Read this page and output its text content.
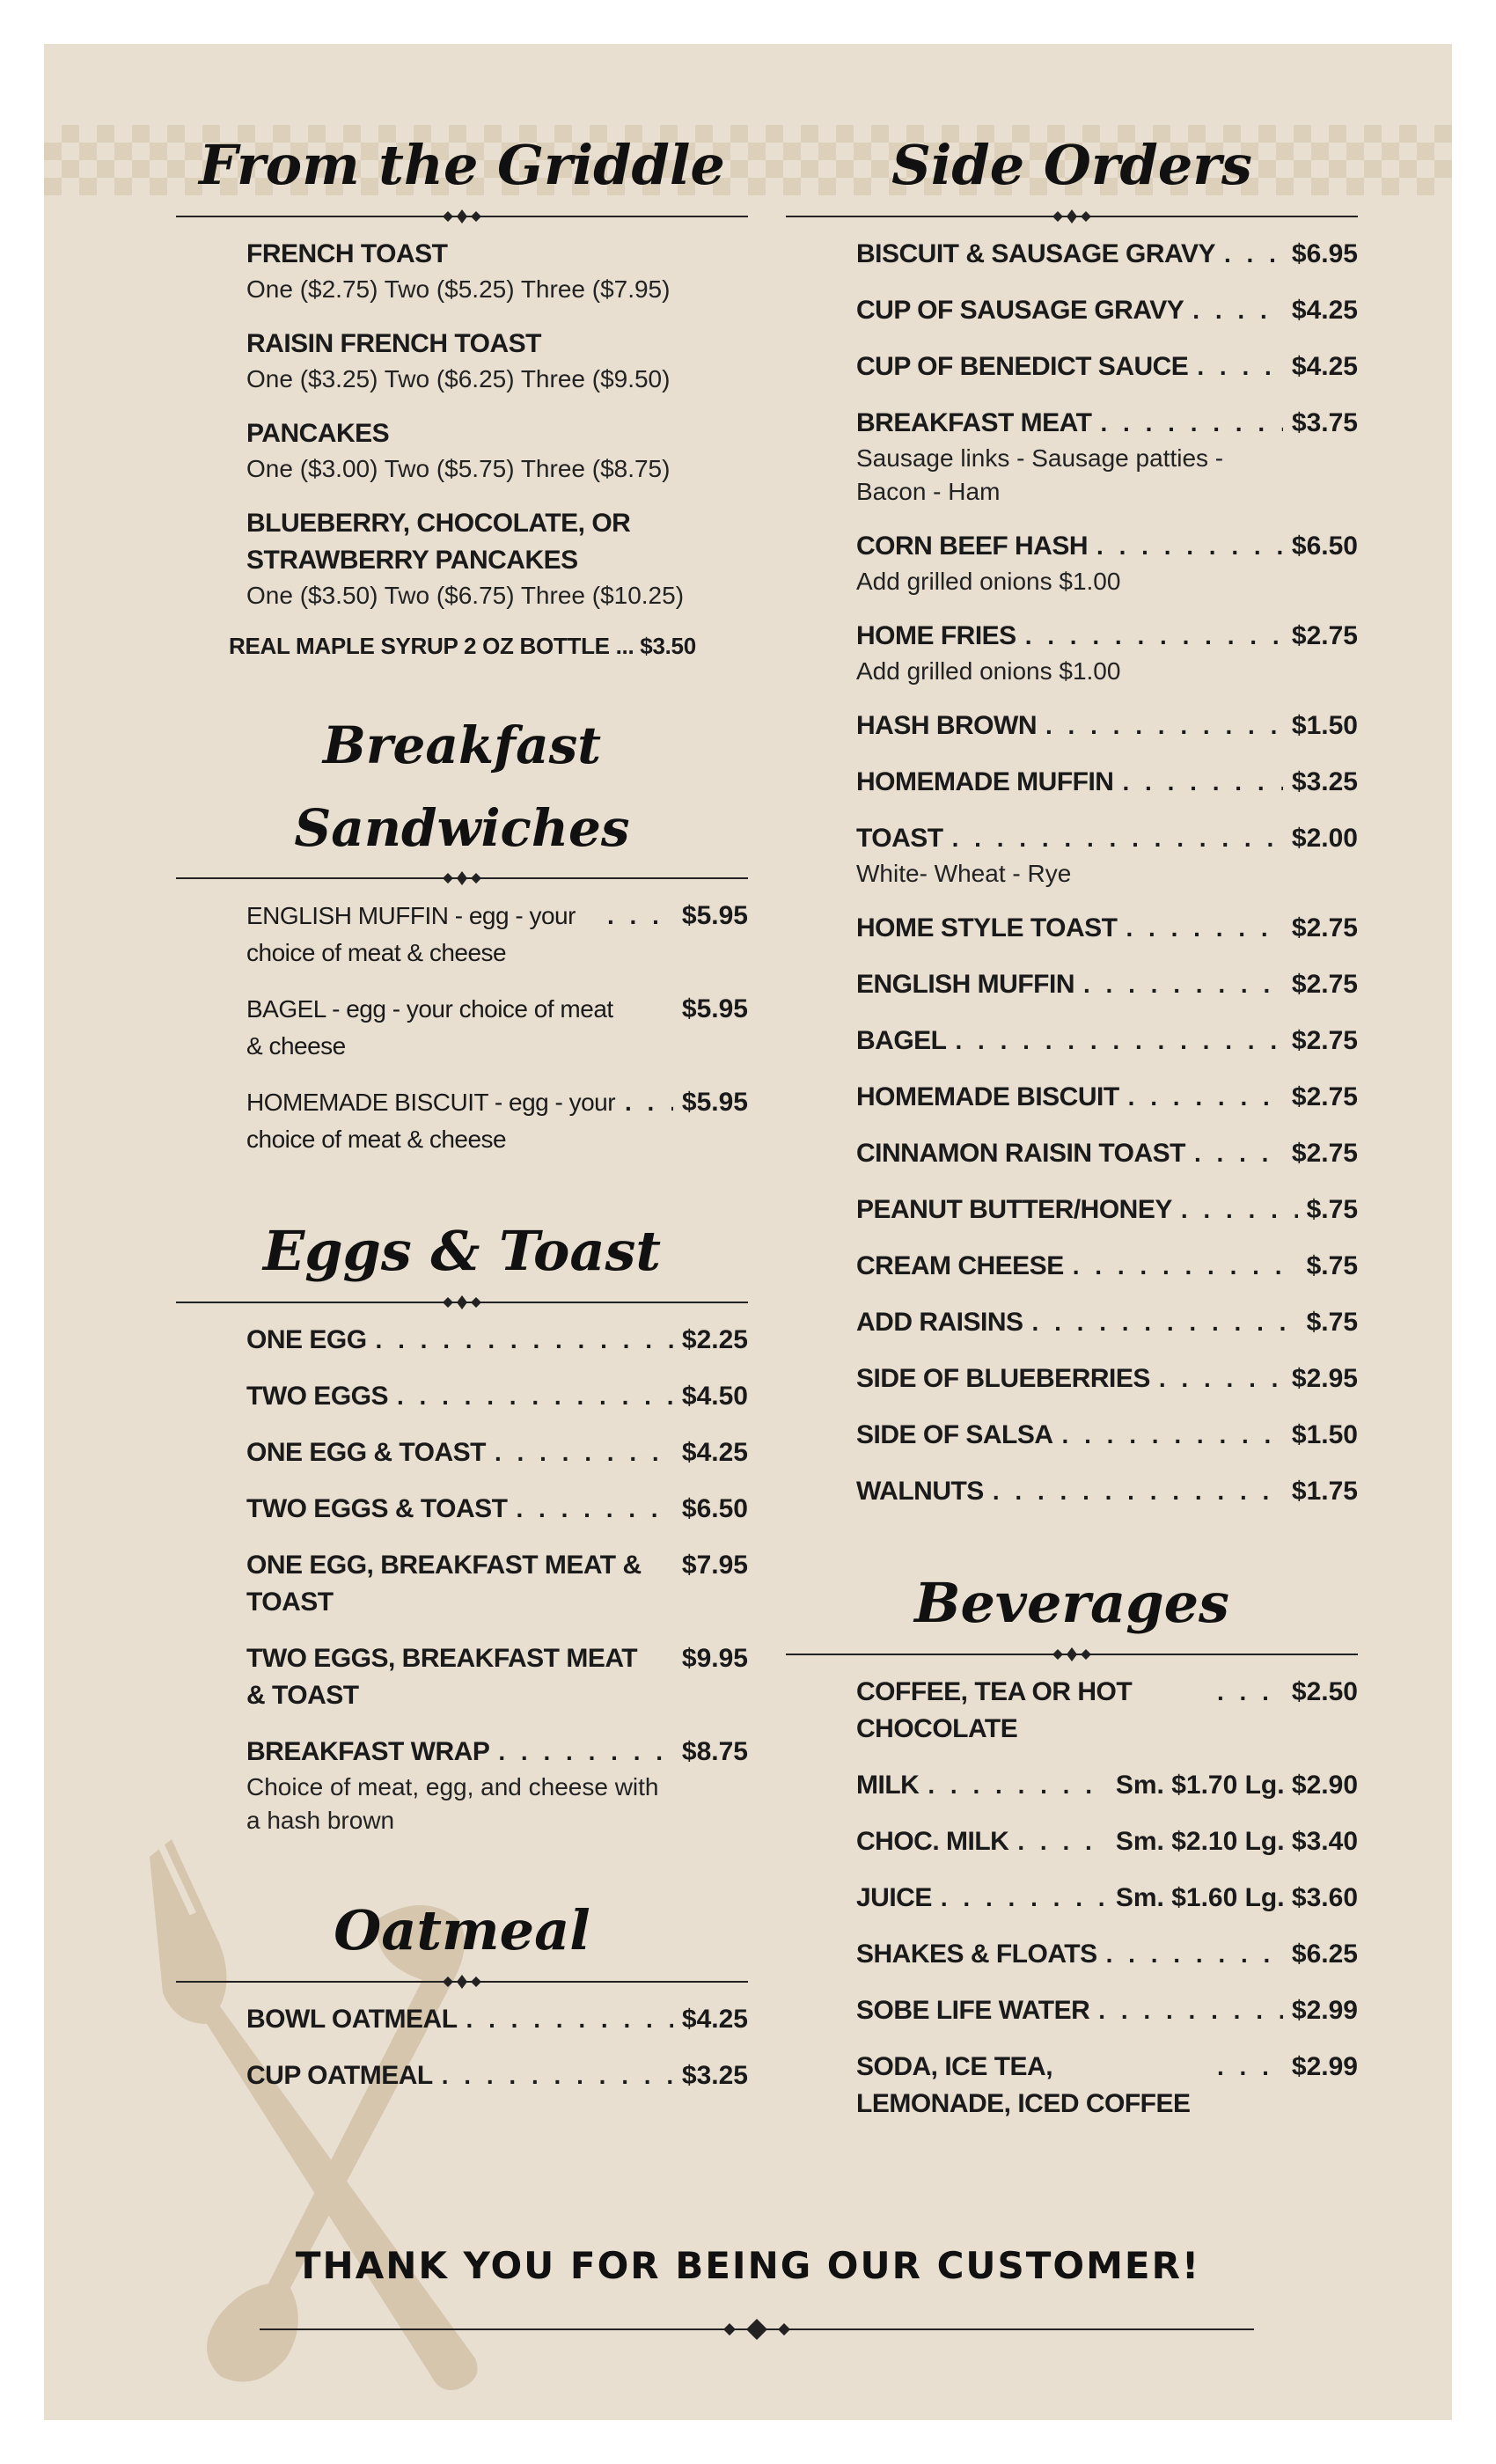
From the Griddle
FRENCH TOAST
One ($2.75) Two ($5.25) Three ($7.95)
RAISIN FRENCH TOAST
One ($3.25) Two ($6.25) Three ($9.50)
PANCAKES
One ($3.00) Two ($5.75) Three ($8.75)
BLUEBERRY, CHOCOLATE, OR STRAWBERRY PANCAKES
One ($3.50) Two ($6.75) Three ($10.25)
REAL MAPLE SYRUP 2 OZ BOTTLE ... $3.50
Breakfast Sandwiches
ENGLISH MUFFIN - egg - your choice of meat & cheese
. . .
$5.95
BAGEL - egg - your choice of meat & cheese
$5.95
HOMEMADE BISCUIT - egg - your choice of meat & cheese
. . .
$5.95
Eggs & Toast
ONE EGG . . .	$2.25
TWO EGGS . . .	$4.50
ONE EGG & TOAST . . .	$4.25
TWO EGGS & TOAST . . .	$6.50
ONE EGG, BREAKFAST MEAT & TOAST
$7.95
TWO EGGS, BREAKFAST MEAT & TOAST
$9.95
BREAKFAST WRAP . . .	$8.75
Choice of meat, egg, and cheese with a hash brown
Oatmeal
BOWL OATMEAL . . .	$4.25
CUP OATMEAL . . .	$3.25
Side Orders
BISCUIT & SAUSAGE GRAVY . . .	$6.95
CUP OF SAUSAGE GRAVY . . .	$4.25
CUP OF BENEDICT SAUCE . . .	$4.25
BREAKFAST MEAT . . .	$3.75
Sausage links - Sausage patties - Bacon - Ham
CORN BEEF HASH . . .	$6.50
Add grilled onions $1.00
HOME FRIES . . .	$2.75
Add grilled onions $1.00
HASH BROWN . . .	$1.50
HOMEMADE MUFFIN . . .	$3.25
TOAST . . .	$2.00
White- Wheat - Rye
HOME STYLE TOAST . . .	$2.75
ENGLISH MUFFIN . . .	$2.75
BAGEL . . .	$2.75
HOMEMADE BISCUIT . . .	$2.75
CINNAMON RAISIN TOAST . . .	$2.75
PEANUT BUTTER/HONEY . . .	$.75
CREAM CHEESE . . .	$.75
ADD RAISINS . . .	$.75
SIDE OF BLUEBERRIES . . .	$2.95
SIDE OF SALSA . . .	$1.50
WALNUTS . . .	$1.75
Beverages
COFFEE, TEA OR HOT CHOCOLATE
. . .
$2.50
MILK . . .	Sm. $1.70 Lg. $2.90
CHOC. MILK . . .	Sm. $2.10 Lg. $3.40
JUICE . . .	Sm. $1.60 Lg. $3.60
SHAKES & FLOATS . . .	$6.25
SOBE LIFE WATER . . .	$2.99
SODA, ICE TEA, LEMONADE, ICED COFFEE
. . .
$2.99
THANK YOU FOR BEING OUR CUSTOMER!
